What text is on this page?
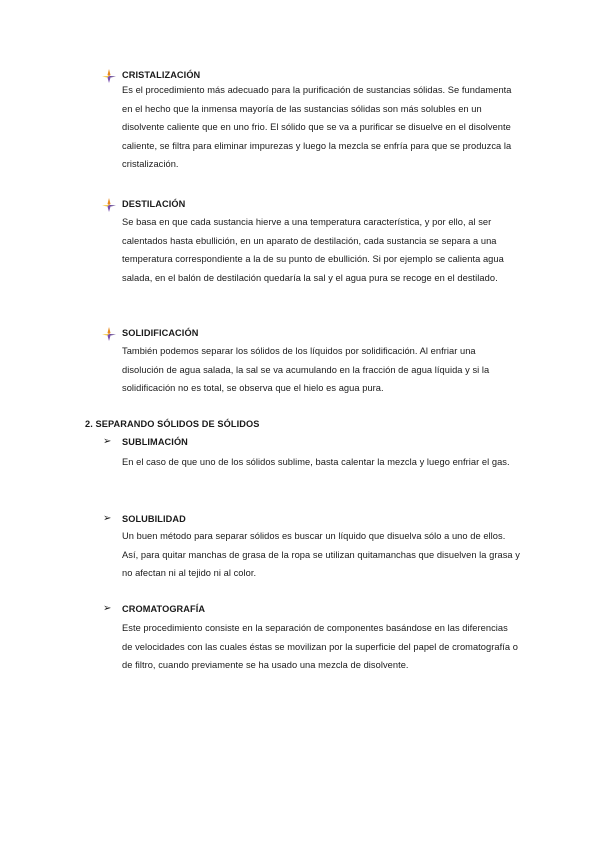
CRISTALIZACIÓN
Es el procedimiento más adecuado para la purificación de sustancias sólidas. Se fundamenta en el hecho que la inmensa mayoría de las sustancias sólidas son más solubles en un disolvente caliente que en uno frio. El sólido que se va a purificar se disuelve en el disolvente caliente, se filtra para eliminar impurezas y luego la mezcla se enfría para que se produzca la cristalización.
DESTILACIÓN
Se basa en que cada sustancia hierve a una temperatura característica, y por ello, al ser calentados hasta ebullición, en un aparato de destilación, cada sustancia se separa a una temperatura correspondiente a la de su punto de ebullición. Si por ejemplo se calienta agua salada, en el balón de destilación quedaría la sal y el agua pura se recoge en el destilado.
SOLIDIFICACIÓN
También podemos separar los sólidos de los líquidos por solidificación. Al enfriar una disolución de agua salada, la sal se va acumulando en la fracción de agua líquida y si la solidificación no es total, se observa que el hielo es agua pura.
2. SEPARANDO SÓLIDOS DE SÓLIDOS
➢ SUBLIMACIÓN
En el caso de que uno de los sólidos sublime, basta calentar la mezcla y luego enfriar el gas.
➢ SOLUBILIDAD
Un buen método para separar sólidos es buscar un líquido que disuelva sólo a uno de ellos. Así, para quitar manchas de grasa de la ropa se utilizan quitamanchas que disuelven la grasa y no afectan ni al tejido ni al color.
➢ CROMATOGRAFÍA
Este procedimiento consiste en la separación de componentes basándose en las diferencias de velocidades con las cuales éstas se movilizan por la superficie del papel de cromatografía o de filtro, cuando previamente se ha usado una mezcla de disolvente.
